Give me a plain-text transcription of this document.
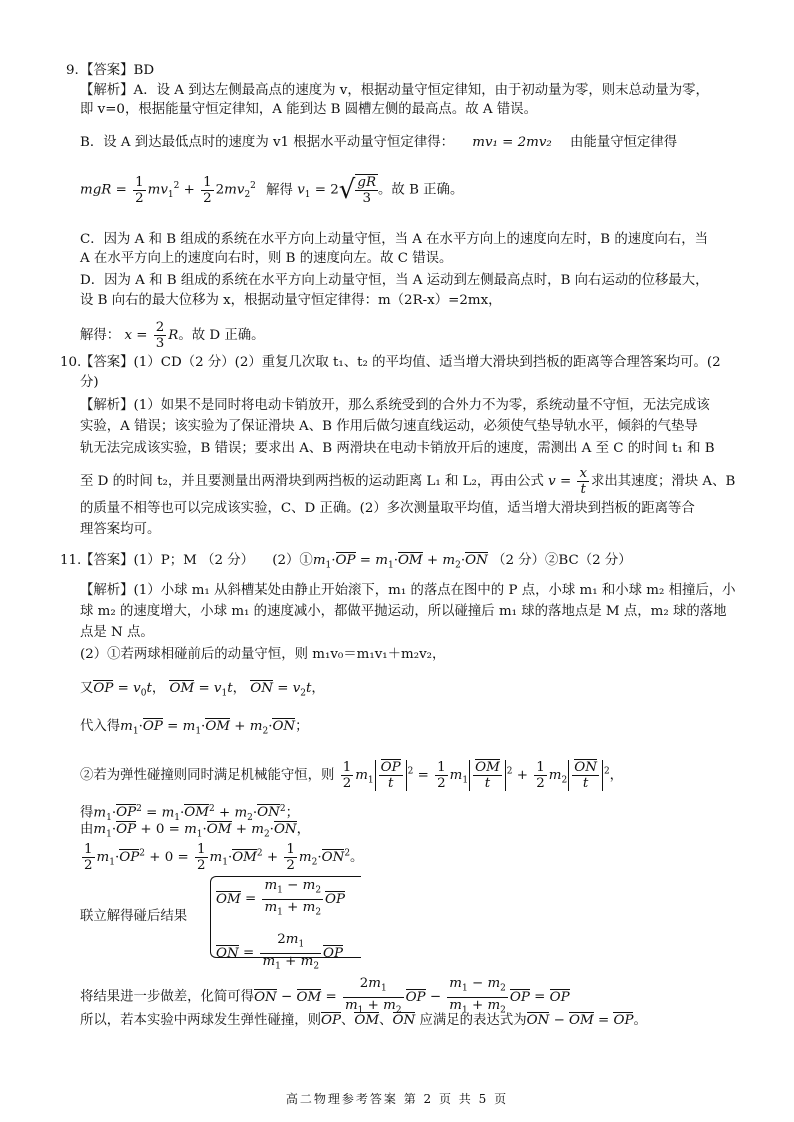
9. 【答案】BD
【解析】A．设 A 到达左侧最高点的速度为 v，根据动量守恒定律知，由于初动量为零，则末总动量为零，
即 v=0，根据能量守恒定律知，A 能到达 B 圆槽左侧的最高点。故 A 错误。
B．设 A 到达最低点时的速度为 v1 根据水平动量守恒定律得： mv₁ = 2mv₂ 由能量守恒定律得
mgR = $\frac{1}{2} mv_1^2 + \frac{1}{2} 2mv_2^2$ 解得 $v_1 = 2√ \frac{gR}{3}$ 。故 B 正确。
C．因为 A 和 B 组成的系统在水平方向上动量守恒，当 A 在水平方向上的速度向左时，B 的速度向右，当
A 在水平方向上的速度向右时，则 B 的速度向左。故 C 错误。
D．因为 A 和 B 组成的系统在水平方向上动量守恒，当 A 运动到左侧最高点时，B 向右运动的位移最大，
设 B 向右的最大位移为 x，根据动量守恒定律得：m（2R-x）=2mx，
解得： $x = \frac{2}{3}$ R。故 D 正确。
10.
【答案】(1）CD（2 分）(2）重复几次取 t₁、t₂ 的平均值、适当增大滑块到挡板的距离等合理答案均可。(2
分)
【解析】(1）如果不是同时将电动卡销放开，那么系统受到的合外力不为零，系统动量不守恒，无法完成该
实验，A 错误；该实验为了保证滑块 A、B 作用后做匀速直线运动，必须使气垫导轨水平，倾斜的气垫导
轨无法完成该实验，B 错误；要求出 A、B 两滑块在电动卡销放开后的速度，需测出 A 至 C 的时间 t₁ 和 B
至 D 的时间 t₂，并且要测量出两滑块到两挡板的运动距离 L₁ 和 L₂，再由公式 $v = \frac{x}{t}$ 求出其速度；滑块 A、B
的质量不相等也可以完成该实验，C、D 正确。(2）多次测量取平均值，适当增大滑块到挡板的距离等合
理答案均可。
11.
【答案】(1）P；M （2 分） $(2)①m_1\cdot OP = m_1\cdot OM + m_2\cdot ON$ （2 分）②BC（2 分）
【解析】(1）小球 m₁ 从斜槽某处由静止开始滚下，m₁ 的落点在图中的 P 点，小球 m₁ 和小球 m₂ 相撞后，小
球 m₂ 的速度增大，小球 m₁ 的速度减小，都做平抛运动，所以碰撞后 m₁ 球的落地点是 M 点，m₂ 球的落地
点是 N 点。
(2）①若两球相碰前后的动量守恒，则 m₁v₀＝m₁v₁＋m₂v₂，
又OP = $v_0t$， OM = $v_1t$， ON = $v_2t$，
代入得$m_1\cdot OP = m_1\cdot OM + m_2\cdot ON$；
②若为弹性碰撞则同时满足机械能守恒，则 $\frac{1}{2} m_1 \frac{OP}{t} ^2 = \frac{1}{2} m_1 \frac{OM}{t} ^2 + \frac{1}{2} m_2 \frac{ON}{t} ^2$，
得$m_1\cdot OP^2 = m_1\cdot OM^2 + m_2\cdot ON^2$；
由$m_1\cdot OP + 0 = m_1\cdot OM + m_2\cdot ON$，
$\frac{1}{2} m_1\cdot OP^2 + 0 = \frac{1}{2} m_1\cdot OM^2 + \frac{1}{2} m_2\cdot ON^2$。
联立解得碰后结果
OM = $\frac{m_1 - m_2}{m_1 + m_2}$ OP
ON = $\frac{2m_1}{m_1 + m_2}$ OP
将结果进一步做差，化简可得ON − OM = $\frac{2m_1}{m_1 + m_2}$ OP − $\frac{m_1 - m_2}{m_1 + m_2}$ OP = OP
所以，若本实验中两球发生弹性碰撞，则OP、OM、ON 应满足的表达式为ON − OM = OP。
高二物理参考答案 第 2 页 共 5 页
